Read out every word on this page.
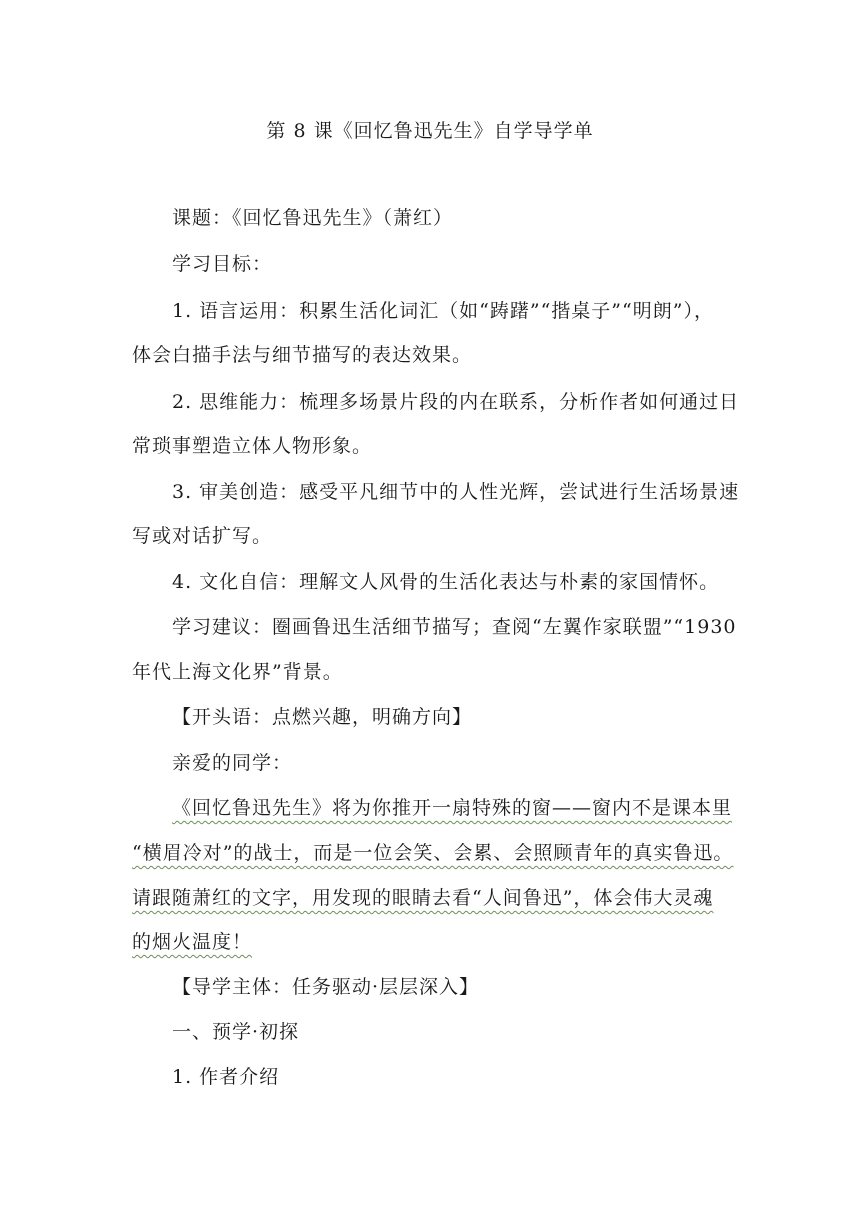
第 8 课《回忆鲁迅先生》自学导学单
课题：《回忆鲁迅先生》（萧红）
学习目标：
1. 语言运用：积累生活化词汇（如“踌躇”“揩桌子”“明朗”），
体会白描手法与细节描写的表达效果。
2. 思维能力：梳理多场景片段的内在联系，分析作者如何通过日
常琐事塑造立体人物形象。
3. 审美创造：感受平凡细节中的人性光辉，尝试进行生活场景速
写或对话扩写。
4. 文化自信：理解文人风骨的生活化表达与朴素的家国情怀。
学习建议：圈画鲁迅生活细节描写；查阅“左翼作家联盟”“1930
年代上海文化界”背景。
【开头语：点燃兴趣，明确方向】
亲爱的同学：
《回忆鲁迅先生》将为你推开一扇特殊的窗——窗内不是课本里
“横眉冷对”的战士，而是一位会笑、会累、会照顾青年的真实鲁迅。
请跟随萧红的文字，用发现的眼睛去看“人间鲁迅”，体会伟大灵魂
的烟火温度！
【导学主体：任务驱动·层层深入】
一、预学·初探
1. 作者介绍
